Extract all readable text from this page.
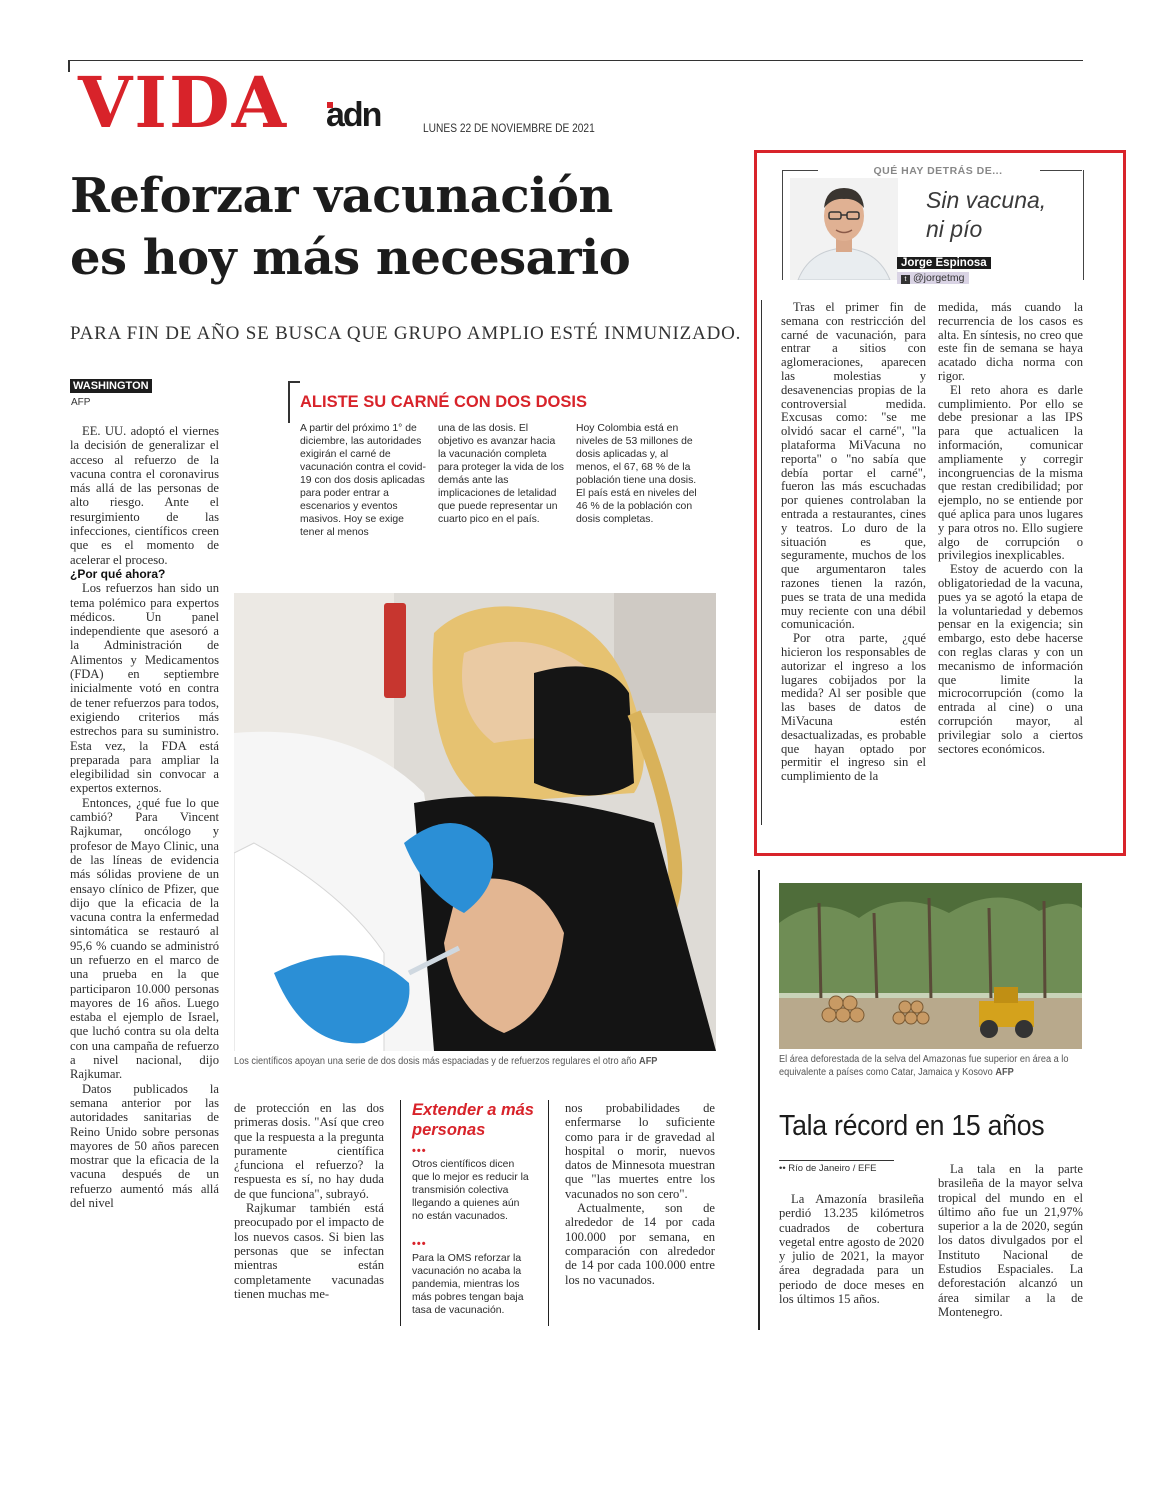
VIDA adn	LUNES 22 DE NOVIEMBRE DE 2021
Reforzar vacunación
es hoy más necesario
PARA FIN DE AÑO SE BUSCA QUE GRUPO AMPLIO ESTÉ INMUNIZADO.
WASHINGTON
AFP

EE. UU. adoptó el viernes la decisión de generalizar el acceso al refuerzo de la vacuna contra el coronavirus más allá de las personas de alto riesgo. Ante el resurgimiento de las infecciones, científicos creen que es el momento de acelerar el proceso.

¿Por qué ahora?

Los refuerzos han sido un tema polémico para expertos médicos. Un panel independiente que asesoró a la Administración de Alimentos y Medicamentos (FDA) en septiembre inicialmente votó en contra de tener refuerzos para todos, exigiendo criterios más estrechos para su suministro. Esta vez, la FDA está preparada para ampliar la elegibilidad sin convocar a expertos externos.

Entonces, ¿qué fue lo que cambió? Para Vincent Rajkumar, oncólogo y profesor de Mayo Clinic, una de las líneas de evidencia más sólidas proviene de un ensayo clínico de Pfizer, que dijo que la eficacia de la vacuna contra la enfermedad sintomática se restauró al 95,6 % cuando se administró un refuerzo en el marco de una prueba en la que participaron 10.000 personas mayores de 16 años. Luego estaba el ejemplo de Israel, que luchó contra su ola delta con una campaña de refuerzo a nivel nacional, dijo Rajkumar.

Datos publicados la semana anterior por las autoridades sanitarias de Reino Unido sobre personas mayores de 50 años parecen mostrar que la eficacia de la vacuna después de un refuerzo aumentó más allá del nivel

ALISTE SU CARNÉ CON DOS DOSIS
A partir del próximo 1° de diciembre, las autoridades exigirán el carné de vacunación contra el covid-19 con dos dosis aplicadas para poder entrar a escenarios y eventos masivos. Hoy se exige tener al menos
una de las dosis. El objetivo es avanzar hacia la vacunación completa para proteger la vida de los demás ante las implicaciones de letalidad que puede representar un cuarto pico en el país.
Hoy Colombia está en niveles de 53 millones de dosis aplicadas y, al menos, el 67, 68 % de la población tiene una dosis. El país está en niveles del 46 % de la población con dosis completas.
Los científicos apoyan una serie de dos dosis más espaciadas y de refuerzos regulares el otro año AFP

de protección en las dos primeras dosis. "Así que creo que la respuesta a la pregunta puramente científica ¿funciona el refuerzo? la respuesta es sí, no hay duda de que funciona", subrayó.

Rajkumar también está preocupado por el impacto de los nuevos casos. Si bien las personas que se infectan mientras están completamente vacunadas tienen muchas me-

Extender a más personas
•••
Otros científicos dicen que lo mejor es reducir la transmisión colectiva llegando a quienes aún no están vacunados.
•••
Para la OMS reforzar la vacunación no acaba la pandemia, mientras los más pobres tengan baja tasa de vacunación.

nos probabilidades de enfermarse lo suficiente como para ir de gravedad al hospital o morir, nuevos datos de Minnesota muestran que "las muertes entre los vacunados no son cero".

Actualmente, son de alrededor de 14 por cada 100.000 por semana, en comparación con alrededor de 14 por cada 100.000 entre los no vacunados.

QUÉ HAY DETRÁS DE...
Sin vacuna,
ni pío
Jorge Espinosa
t @jorgetmg

Tras el primer fin de semana con restricción del carné de vacunación, para entrar a sitios con aglomeraciones, aparecen las molestias y desavenencias propias de la controversial medida. Excusas como: "se me olvidó sacar el carné", "la plataforma MiVacuna no reporta" o "no sabía que debía portar el carné", fueron las más escuchadas por quienes controlaban la entrada a restaurantes, cines y teatros. Lo duro de la situación es que, seguramente, muchos de los que argumentaron tales razones tienen la razón, pues se trata de una medida muy reciente con una débil comunicación.

Por otra parte, ¿qué hicieron los responsables de autorizar el ingreso a los lugares cobijados por la medida? Al ser posible que las bases de datos de MiVacuna estén desactualizadas, es probable que hayan optado por permitir el ingreso sin el cumplimiento de la

medida, más cuando la recurrencia de los casos es alta. En síntesis, no creo que este fin de semana se haya acatado dicha norma con rigor.

El reto ahora es darle cumplimiento. Por ello se debe presionar a las IPS para que actualicen la información, comunicar ampliamente y corregir incongruencias de la misma que restan credibilidad; por ejemplo, no se entiende por qué aplica para unos lugares y para otros no. Ello sugiere algo de corrupción o privilegios inexplicables.

Estoy de acuerdo con la obligatoriedad de la vacuna, pues ya se agotó la etapa de la voluntariedad y debemos pensar en la exigencia; sin embargo, esto debe hacerse con reglas claras y con un mecanismo de información que limite la microcorrupción (como la entrada al cine) o una corrupción mayor, al privilegiar solo a ciertos sectores económicos.

El área deforestada de la selva del Amazonas fue superior en área a lo equivalente a países como Catar, Jamaica y Kosovo AFP
Tala récord en 15 años
•• Río de Janeiro / EFE

La Amazonía brasileña perdió 13.235 kilómetros cuadrados de cobertura vegetal entre agosto de 2020 y julio de 2021, la mayor área degradada para un periodo de doce meses en los últimos 15 años.

La tala en la parte brasileña de la mayor selva tropical del mundo en el último año fue un 21,97% superior a la de 2020, según los datos divulgados por el Instituto Nacional de Estudios Espaciales. La deforestación alcanzó un área similar a la de Montenegro.
